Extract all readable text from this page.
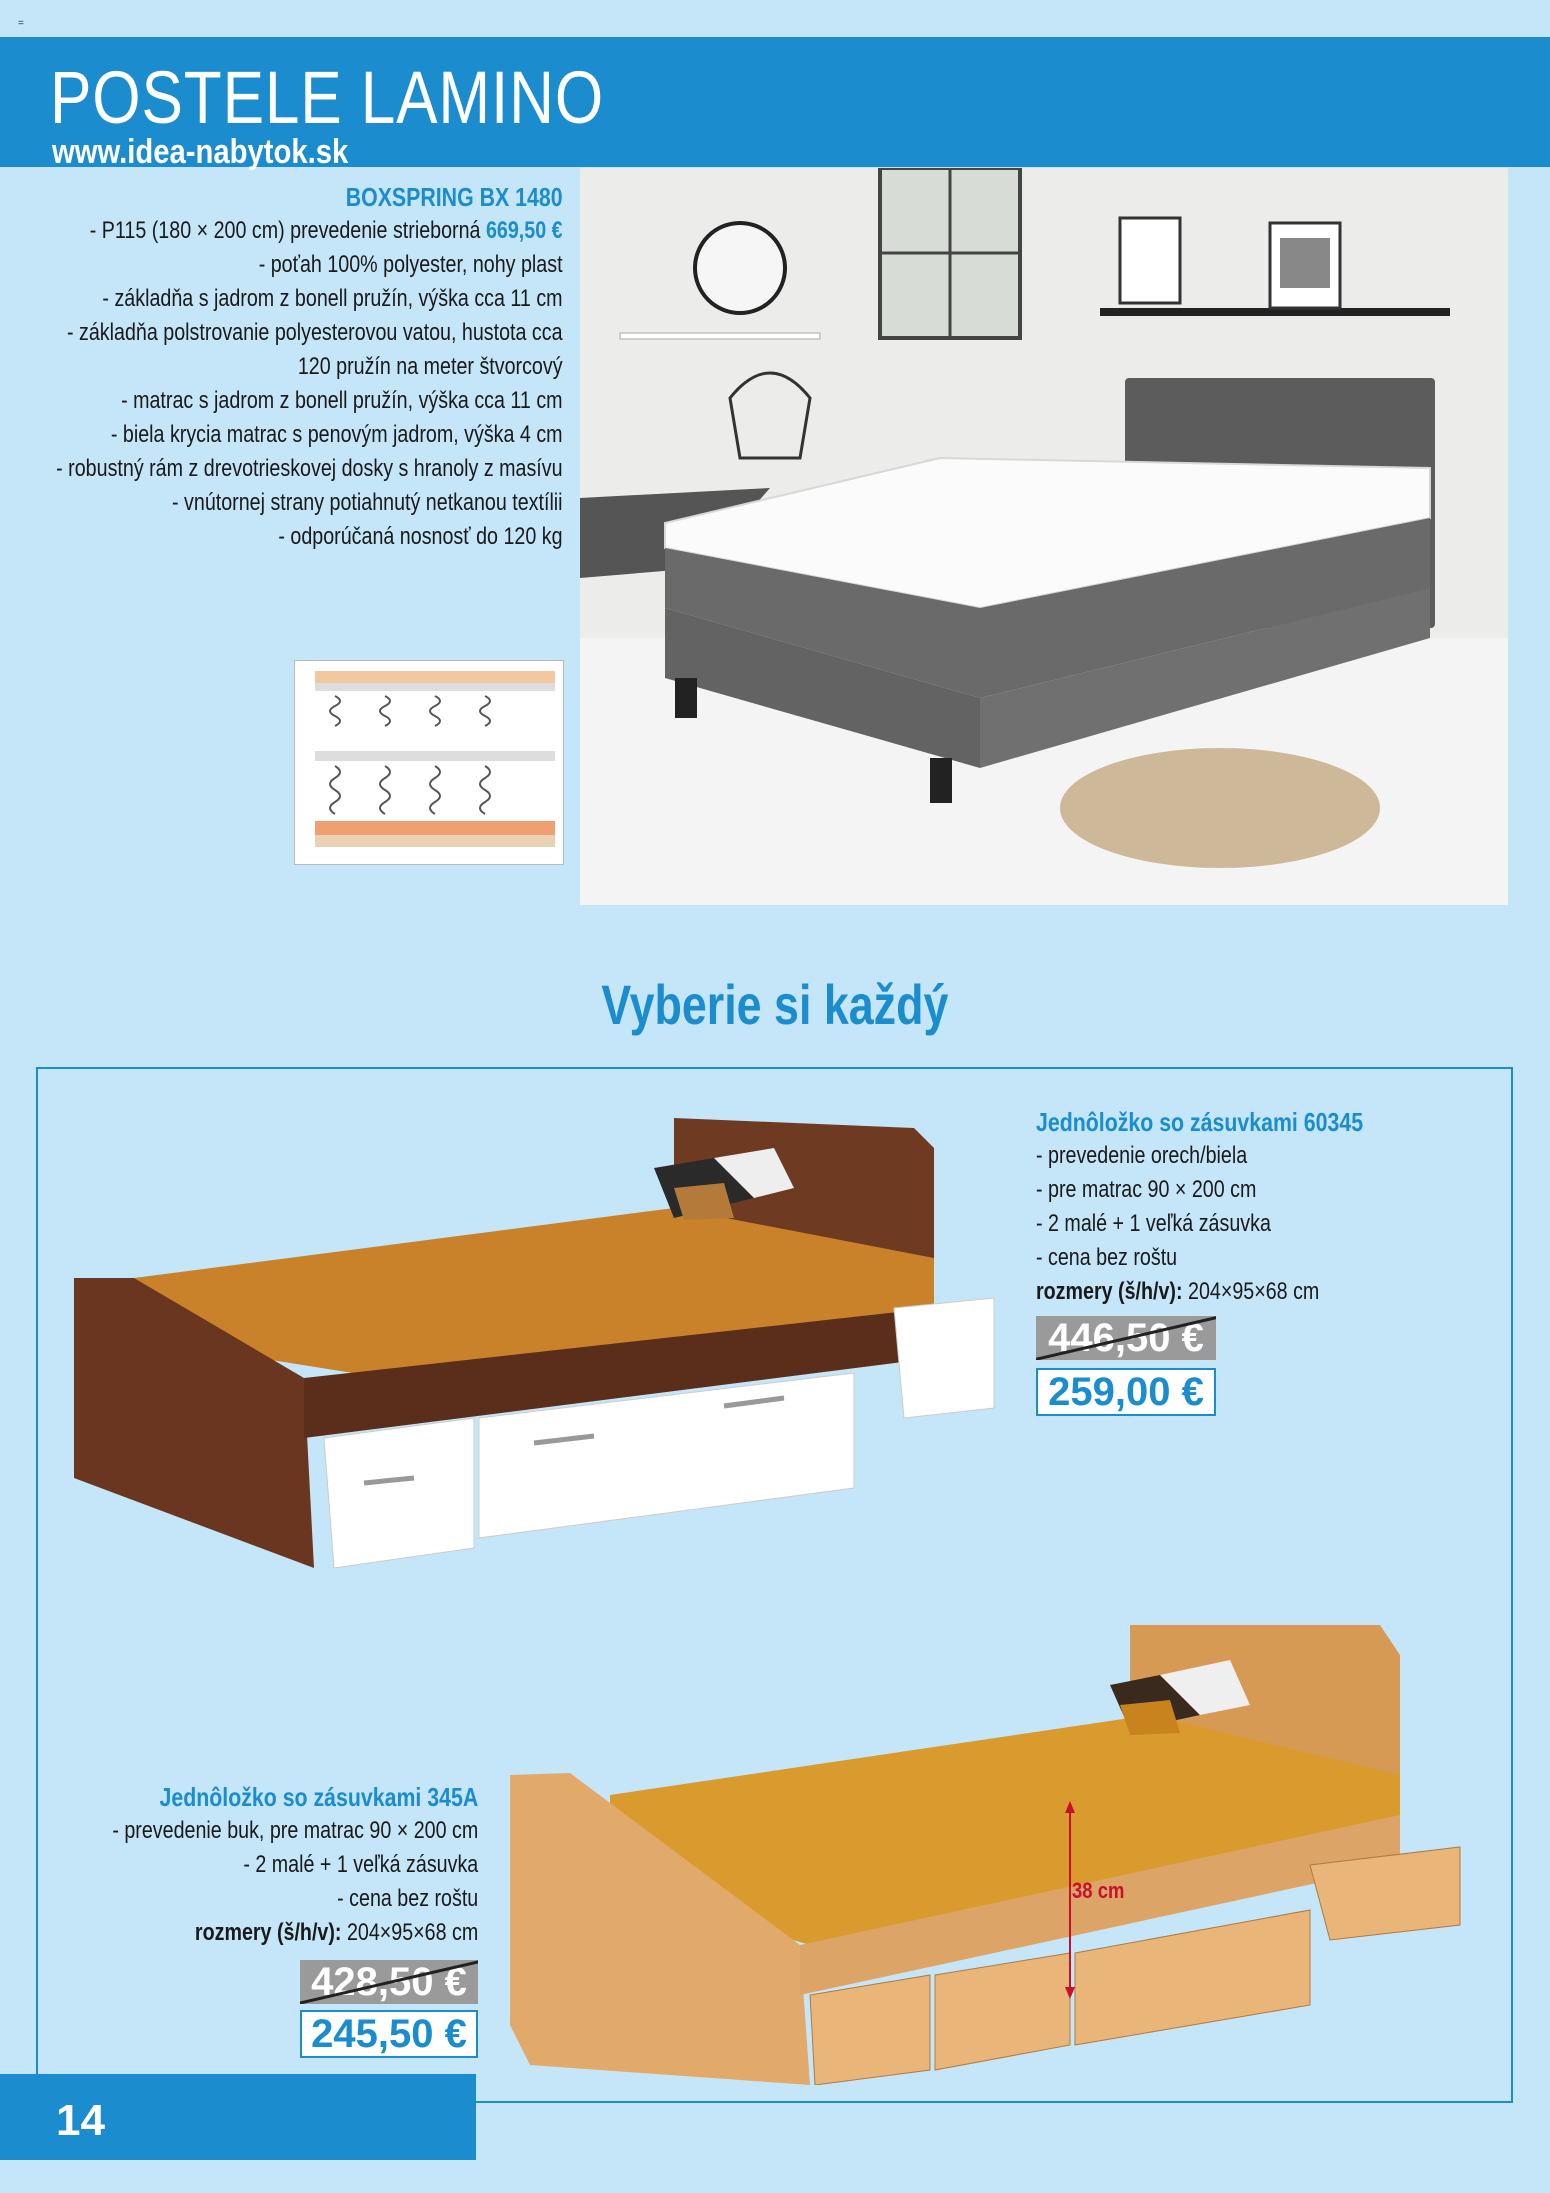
=
POSTELE LAMINO
www.idea-nabytok.sk
BOXSPRING BX 1480
- P115 (180 × 200 cm) prevedenie strieborná 669,50 €
- poťah 100% polyester, nohy plast
- základňa s jadrom z bonell pružín, výška cca 11 cm
- základňa polstrovanie polyesterovou vatou, hustota cca
120 pružín na meter štvorcový
- matrac s jadrom z bonell pružín, výška cca 11 cm
- biela krycia matrac s penovým jadrom, výška 4 cm
- robustný rám z drevotrieskovej dosky s hranoly z masívu
- vnútornej strany potiahnutý netkanou textílii
- odporúčaná nosnosť do 120 kg
Vyberie si každý
Jednôložko so zásuvkami 60345
- prevedenie orech/biela
- pre matrac 90 × 200 cm
- 2 malé + 1 veľká zásuvka
- cena bez roštu
rozmery (š/h/v): 204×95×68 cm
446,50 €
259,00 €
38 cm
Jednôložko so zásuvkami 345A
- prevedenie buk, pre matrac 90 × 200 cm
- 2 malé + 1 veľká zásuvka
- cena bez roštu
rozmery (š/h/v): 204×95×68 cm
428,50 €
245,50 €
14
